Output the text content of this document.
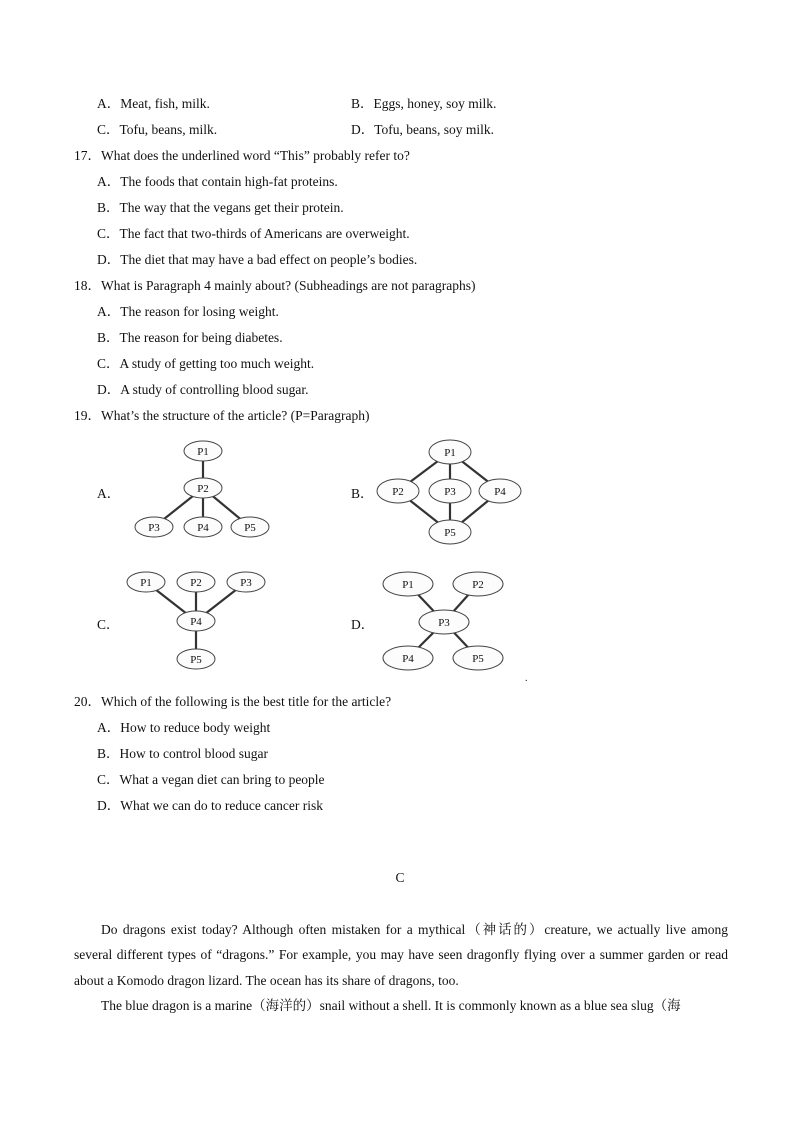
A．Meat, fish, milk.	B．Eggs, honey, soy milk.
C．Tofu, beans, milk.	D．Tofu, beans, soy milk.
17．What does the underlined word “This” probably refer to?
A．The foods that contain high-fat proteins.
B．The way that the vegans get their protein.
C．The fact that two-thirds of Americans are overweight.
D．The diet that may have a bad effect on people’s bodies.
18．What is Paragraph 4 mainly about? (Subheadings are not paragraphs)
A．The reason for losing weight.
B．The reason for being diabetes.
C．A study of getting too much weight.
D．A study of controlling blood sugar.
19．What’s the structure of the article? (P=Paragraph)
A．
P1
P2
P3	P4	P5
B．
P1
P2	P3	P4
P5
C．
P1	P2	P3
P4
P5
D．
P1	P2
P3
P4	P5
.
20．Which of the following is the best title for the article?
A．How to reduce body weight
B．How to control blood sugar
C．What a vegan diet can bring to people
D．What we can do to reduce cancer risk
C
Do dragons exist today? Although often mistaken for a mythical（神话的）creature, we actually live among several different types of “dragons.” For example, you may have seen dragonfly flying over a summer garden or read about a Komodo dragon lizard. The ocean has its share of dragons, too.
The blue dragon is a marine（海洋的）snail without a shell. It is commonly known as a blue sea slug（海
